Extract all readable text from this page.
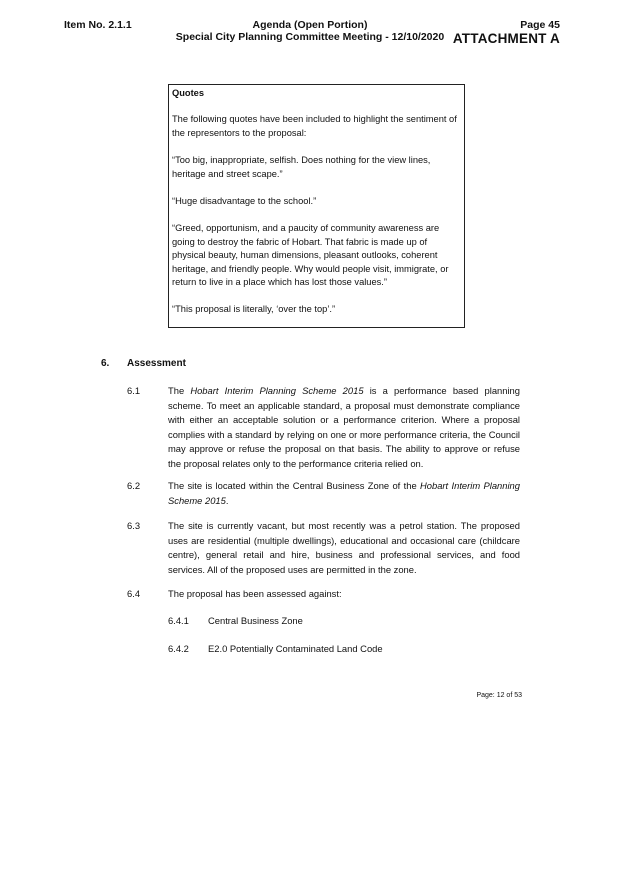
Item No. 2.1.1	Agenda (Open Portion)
Special City Planning Committee Meeting - 12/10/2020
Page 45
ATTACHMENT A

Quotes

The following quotes have been included to highlight the sentiment of the representors to the proposal:

“Too big, inappropriate, selfish. Does nothing for the view lines, heritage and street scape.”

“Huge disadvantage to the school.”

“Greed, opportunism, and a paucity of community awareness are going to destroy the fabric of Hobart. That fabric is made up of physical beauty, human dimensions, pleasant outlooks, coherent heritage, and friendly people. Why would people visit, immigrate, or return to live in a place which has lost those values.”

“This proposal is literally, ‘over the top’.”

6. Assessment
6.1	The Hobart Interim Planning Scheme 2015 is a performance based planning scheme. To meet an applicable standard, a proposal must demonstrate compliance with either an acceptable solution or a performance criterion. Where a proposal complies with a standard by relying on one or more performance criteria, the Council may approve or refuse the proposal on that basis. The ability to approve or refuse the proposal relates only to the performance criteria relied on.
6.2	The site is located within the Central Business Zone of the Hobart Interim Planning Scheme 2015.
6.3	The site is currently vacant, but most recently was a petrol station. The proposed uses are residential (multiple dwellings), educational and occasional care (childcare centre), general retail and hire, business and professional services, and food services. All of the proposed uses are permitted in the zone.
6.4	The proposal has been assessed against:
6.4.1 Central Business Zone
6.4.2 E2.0 Potentially Contaminated Land Code
Page: 12 of 53
